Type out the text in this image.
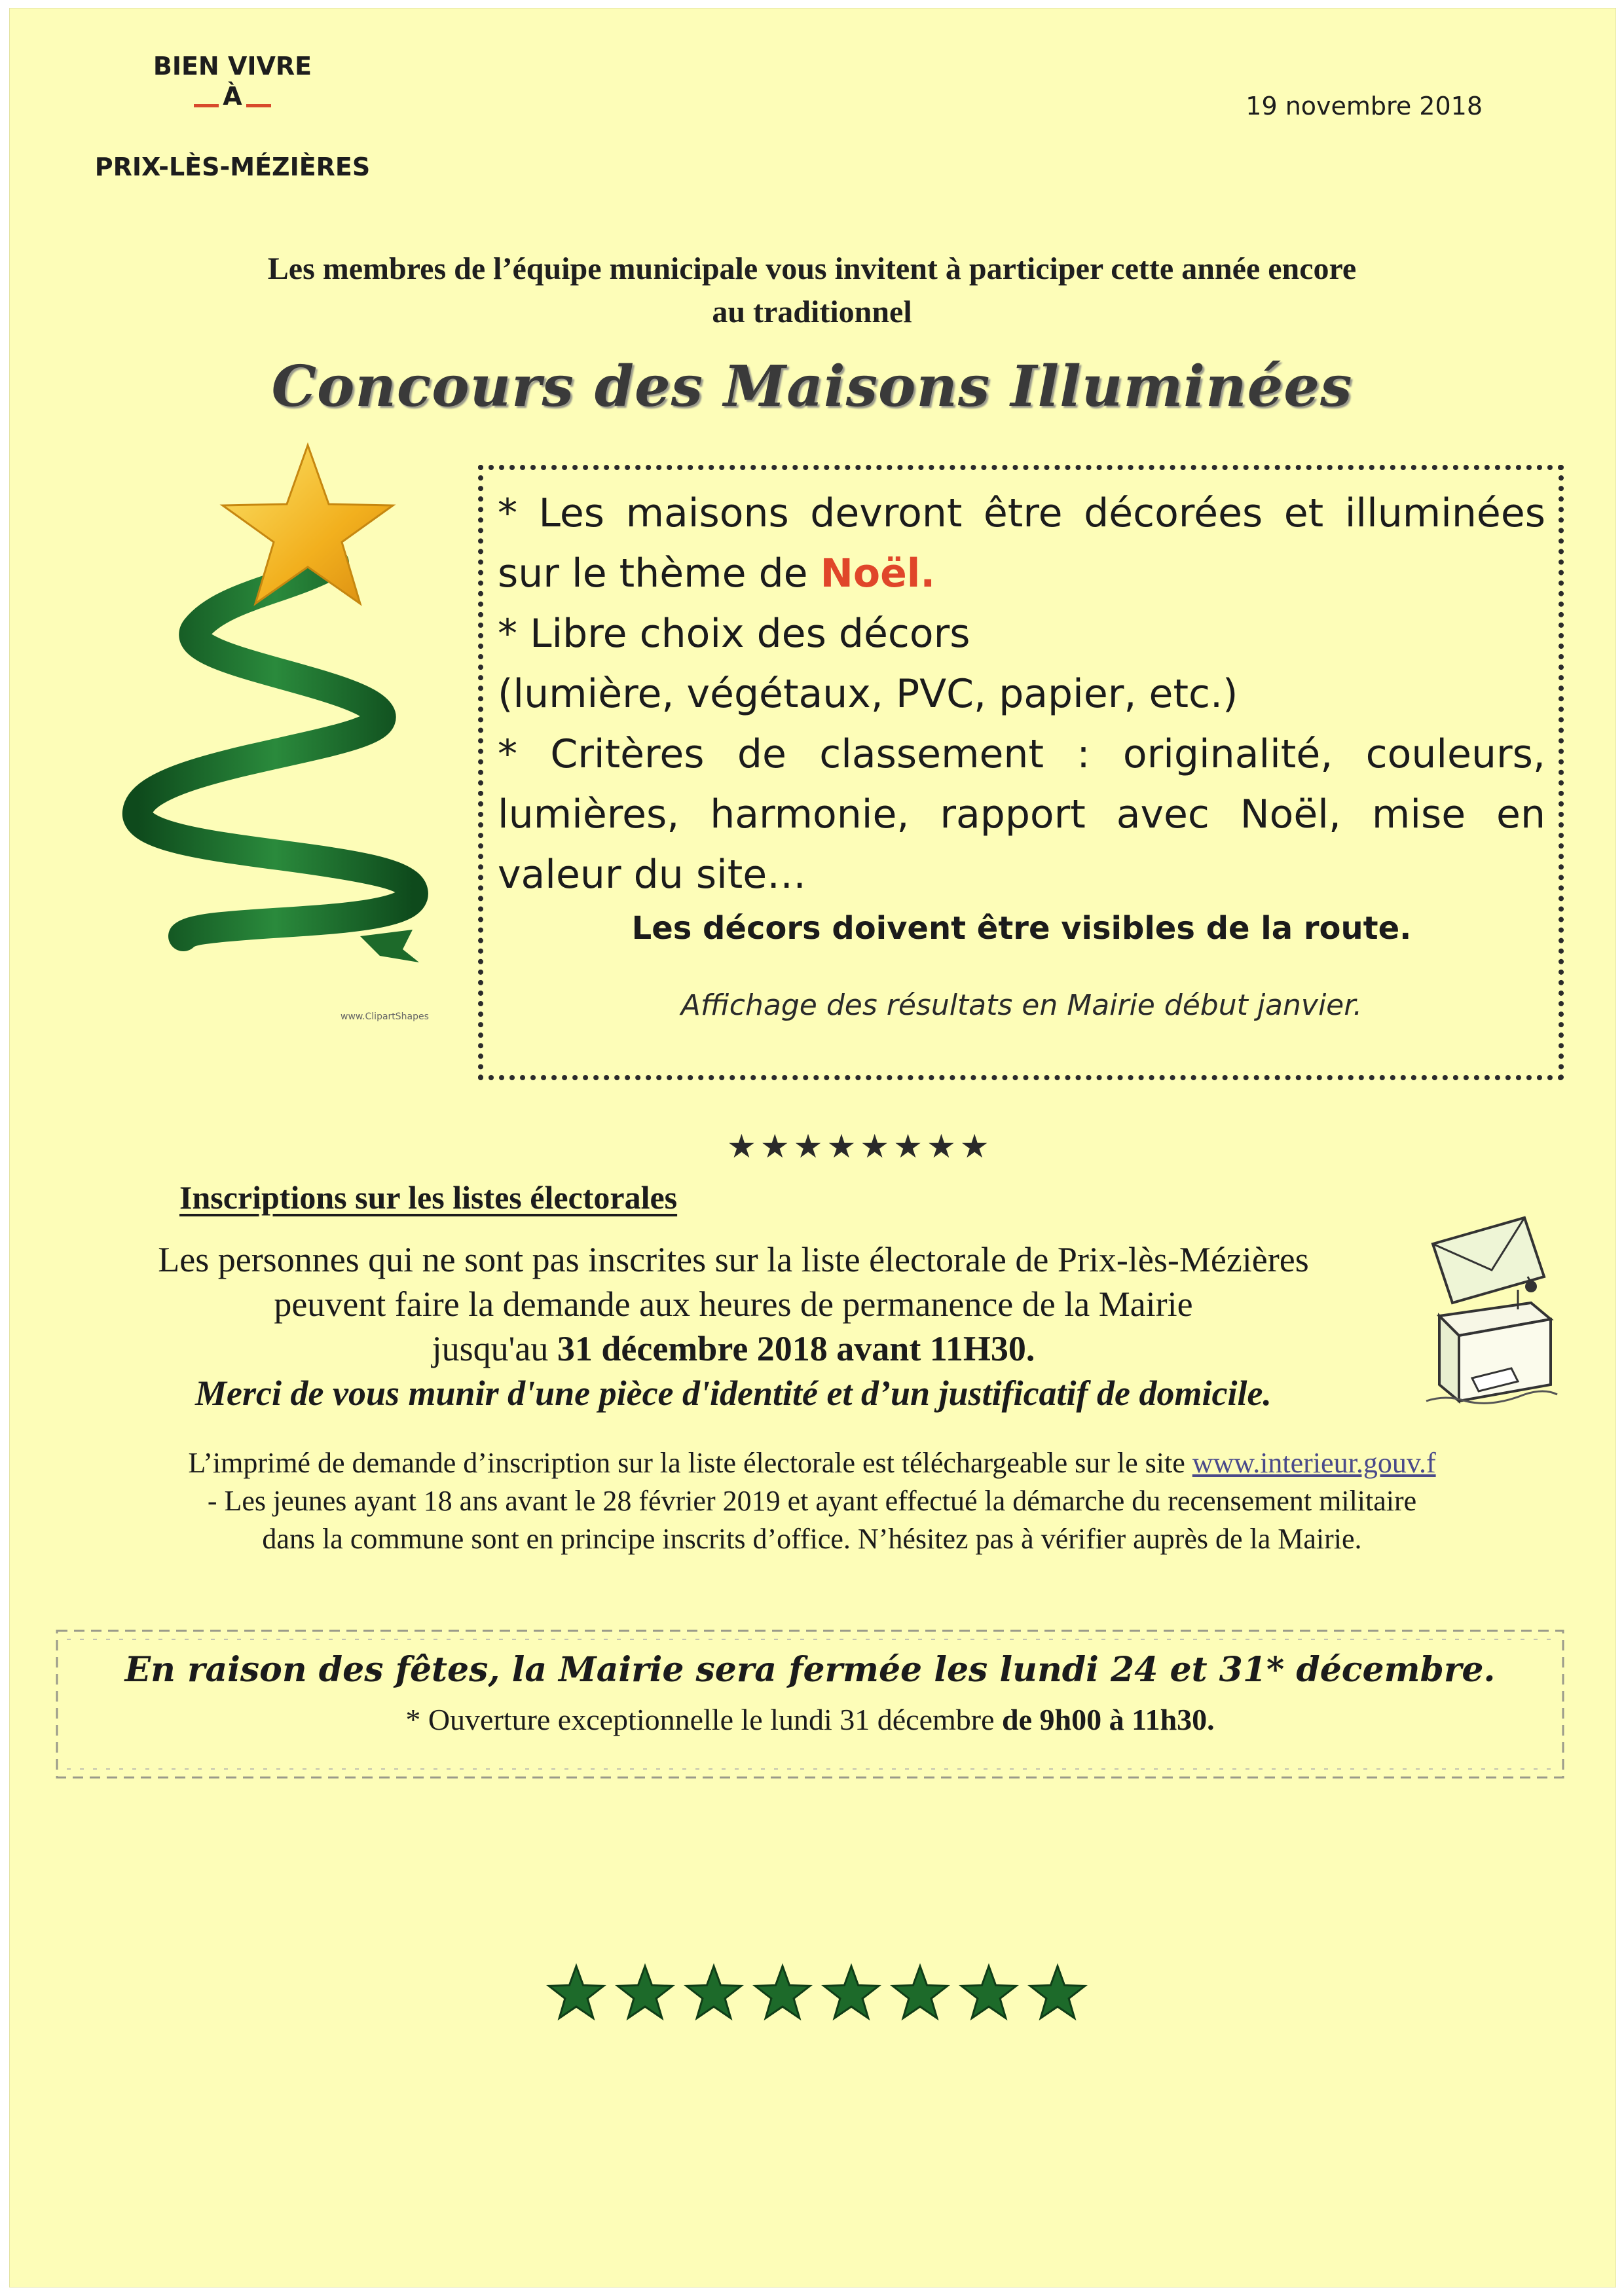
BIEN VIVRE
À
PRIX-LÈS-MÉZIÈRES
19 novembre 2018
Les membres de l’équipe municipale vous invitent à participer cette année encore
au traditionnel
Concours des Maisons Illuminées
www.ClipartShapes

* Les maisons devront être décorées et illuminées sur le thème de Noël.

* Libre choix des décors

(lumière, végétaux, PVC, papier, etc.)

* Critères de classement : originalité, couleurs, lumières, harmonie, rapport avec Noël, mise en valeur du site…

Les décors doivent être visibles de la route.
Affichage des résultats en Mairie début janvier.
★★★★★★★★
Inscriptions sur les listes électorales
Les personnes qui ne sont pas inscrites sur la liste électorale de Prix-lès-Mézières
peuvent faire la demande aux heures de permanence de la Mairie
jusqu'au 31 décembre 2018 avant 11H30.
Merci de vous munir d'une pièce d'identité et d’un justificatif de domicile.
L’imprimé de demande d’inscription sur la liste électorale est téléchargeable sur le site www.interieur.gouv.f
- Les jeunes ayant 18 ans avant le 28 février 2019 et ayant effectué la démarche du recensement militaire
dans la commune sont en principe inscrits d’office. N’hésitez pas à vérifier auprès de la Mairie.
En raison des fêtes, la Mairie sera fermée les lundi 24 et 31* décembre.
* Ouverture exceptionnelle le lundi 31 décembre de 9h00 à 11h30.
